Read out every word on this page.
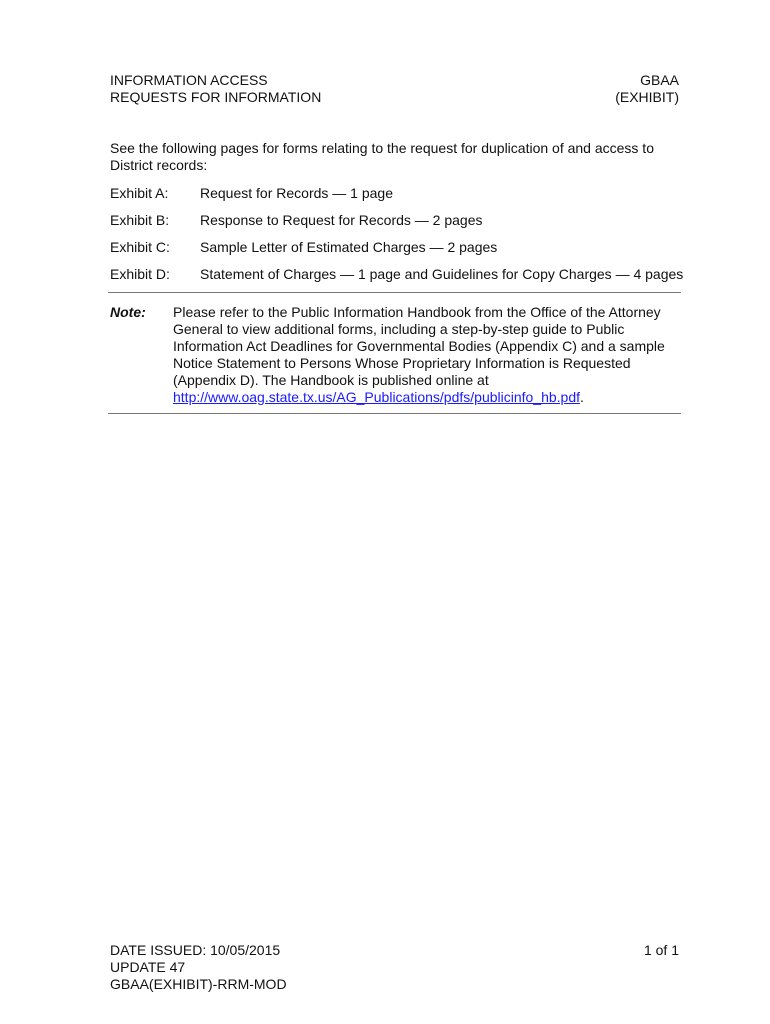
INFORMATION ACCESS
REQUESTS FOR INFORMATION
GBAA
(EXHIBIT)
See the following pages for forms relating to the request for duplication of and access to District records:
Exhibit A:	Request for Records — 1 page
Exhibit B:	Response to Request for Records — 2 pages
Exhibit C:	Sample Letter of Estimated Charges — 2 pages
Exhibit D:	Statement of Charges — 1 page and Guidelines for Copy Charges — 4 pages
Note: Please refer to the Public Information Handbook from the Office of the Attorney General to view additional forms, including a step-by-step guide to Public Information Act Deadlines for Governmental Bodies (Appendix C) and a sample Notice Statement to Persons Whose Proprietary Information is Requested (Appendix D). The Handbook is published online at http://www.oag.state.tx.us/AG_Publications/pdfs/publicinfo_hb.pdf.
DATE ISSUED: 10/05/2015
UPDATE 47
GBAA(EXHIBIT)-RRM-MOD
1 of 1
